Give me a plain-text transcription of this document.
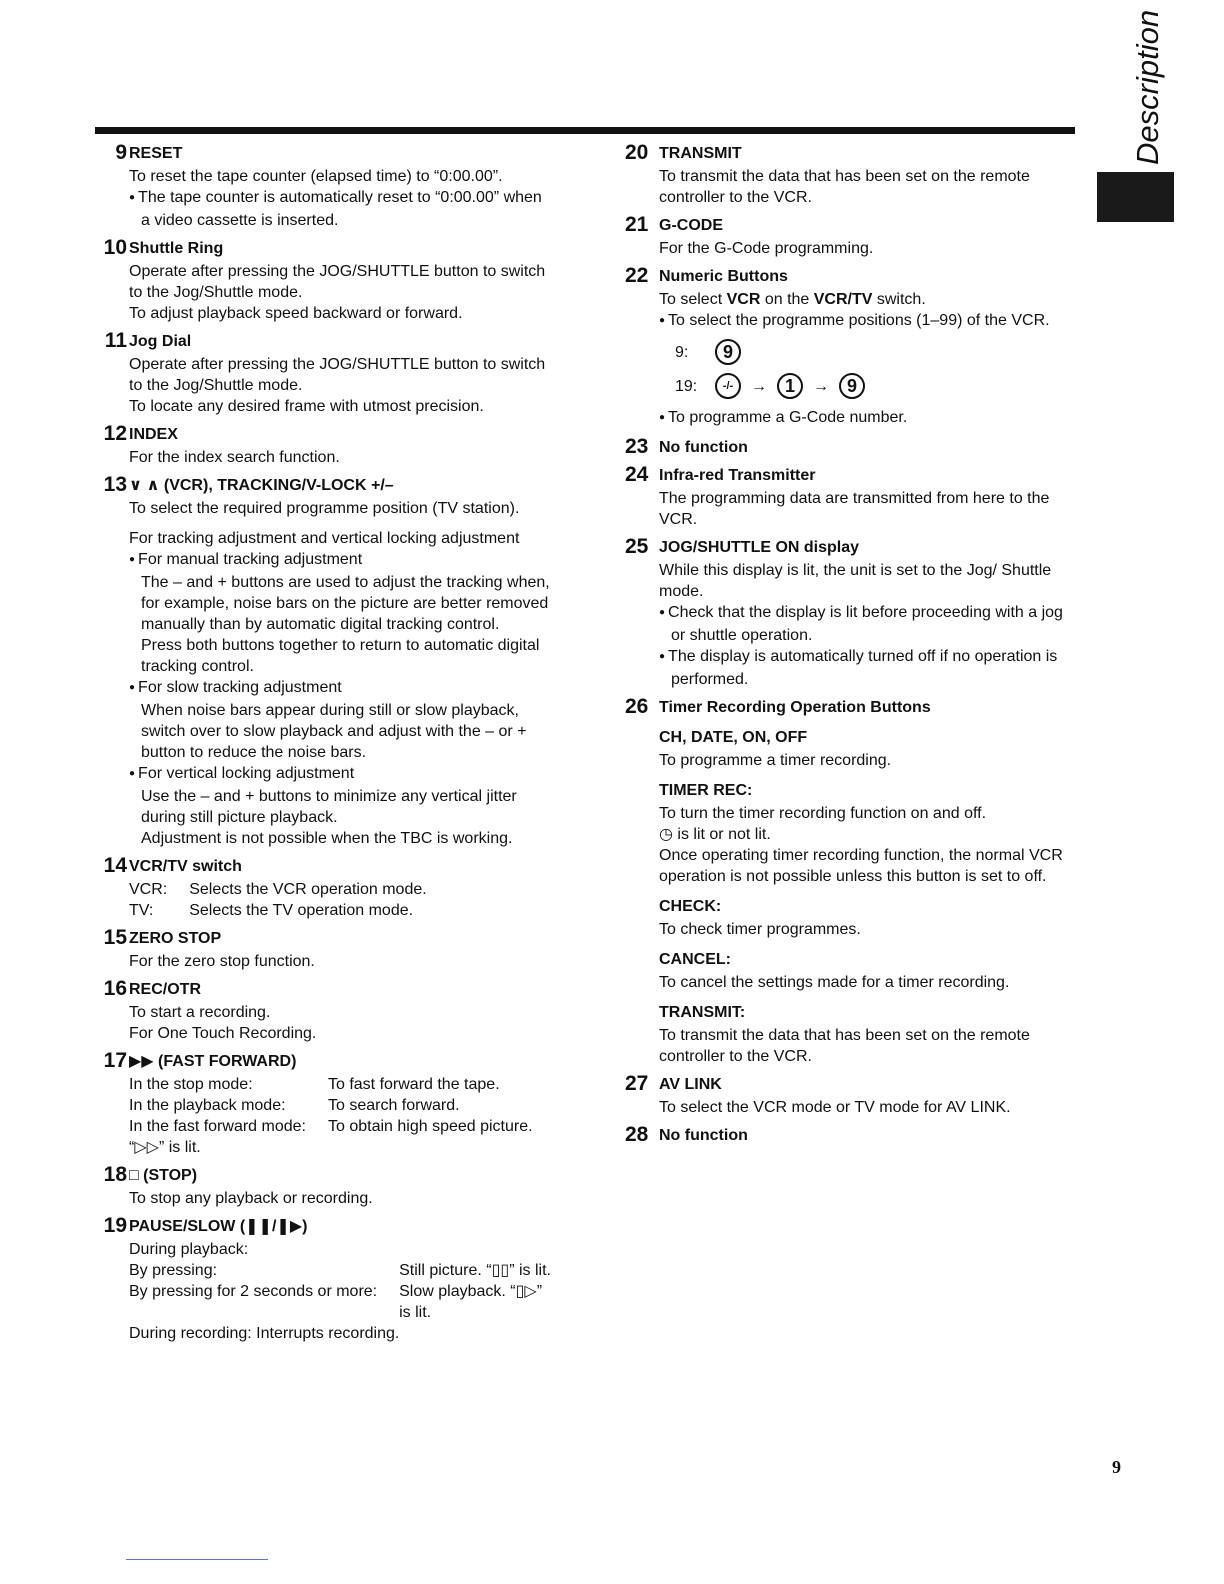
Description
9 RESET
To reset the tape counter (elapsed time) to “0:00.00”.
● The tape counter is automatically reset to “0:00.00” when a video cassette is inserted.
10 Shuttle Ring
Operate after pressing the JOG/SHUTTLE button to switch to the Jog/Shuttle mode.
To adjust playback speed backward or forward.
11 Jog Dial
Operate after pressing the JOG/SHUTTLE button to switch to the Jog/Shuttle mode.
To locate any desired frame with utmost precision.
12 INDEX
For the index search function.
13 ∨ ∧ (VCR), TRACKING/V-LOCK +/–
To select the required programme position (TV station).
For tracking adjustment and vertical locking adjustment
● For manual tracking adjustment
The – and + buttons are used to adjust the tracking when, for example, noise bars on the picture are better removed manually than by automatic digital tracking control.
Press both buttons together to return to automatic digital tracking control.
● For slow tracking adjustment
When noise bars appear during still or slow playback, switch over to slow playback and adjust with the – or + button to reduce the noise bars.
● For vertical locking adjustment
Use the – and + buttons to minimize any vertical jitter during still picture playback.
Adjustment is not possible when the TBC is working.
14 VCR/TV switch
VCR:	Selects the VCR operation mode.
TV:	Selects the TV operation mode.
15 ZERO STOP
For the zero stop function.
16 REC/OTR
To start a recording.
For One Touch Recording.
17 ▶▶ (FAST FORWARD)
In the stop mode:	To fast forward the tape.
In the playback mode:	To search forward.
In the fast forward mode:	To obtain high speed picture.
“▷▷” is lit.
18 □ (STOP)
To stop any playback or recording.
19 PAUSE/SLOW (❚❚/❚▶)
During playback:
By pressing:	Still picture. “▯▯” is lit.
By pressing for 2 seconds or more:	Slow playback. “▯▷” is lit.
During recording: Interrupts recording.
20 TRANSMIT
To transmit the data that has been set on the remote controller to the VCR.
21 G-CODE
For the G-Code programming.
22 Numeric Buttons
To select VCR on the VCR/TV switch.
● To select the programme positions (1–99) of the VCR.
9:	9
19:	-/-	→ 1	→ 9
● To programme a G-Code number.
23 No function
24 Infra-red Transmitter
The programming data are transmitted from here to the VCR.
25 JOG/SHUTTLE ON display
While this display is lit, the unit is set to the Jog/ Shuttle mode.
● Check that the display is lit before proceeding with a jog or shuttle operation.
● The display is automatically turned off if no operation is performed.
26 Timer Recording Operation Buttons
CH, DATE, ON, OFF
To programme a timer recording.
TIMER REC:
To turn the timer recording function on and off.
◷ is lit or not lit.
Once operating timer recording function, the normal VCR operation is not possible unless this button is set to off.
CHECK:
To check timer programmes.
CANCEL:
To cancel the settings made for a timer recording.
TRANSMIT:
To transmit the data that has been set on the remote controller to the VCR.
27 AV LINK
To select the VCR mode or TV mode for AV LINK.
28 No function
9
